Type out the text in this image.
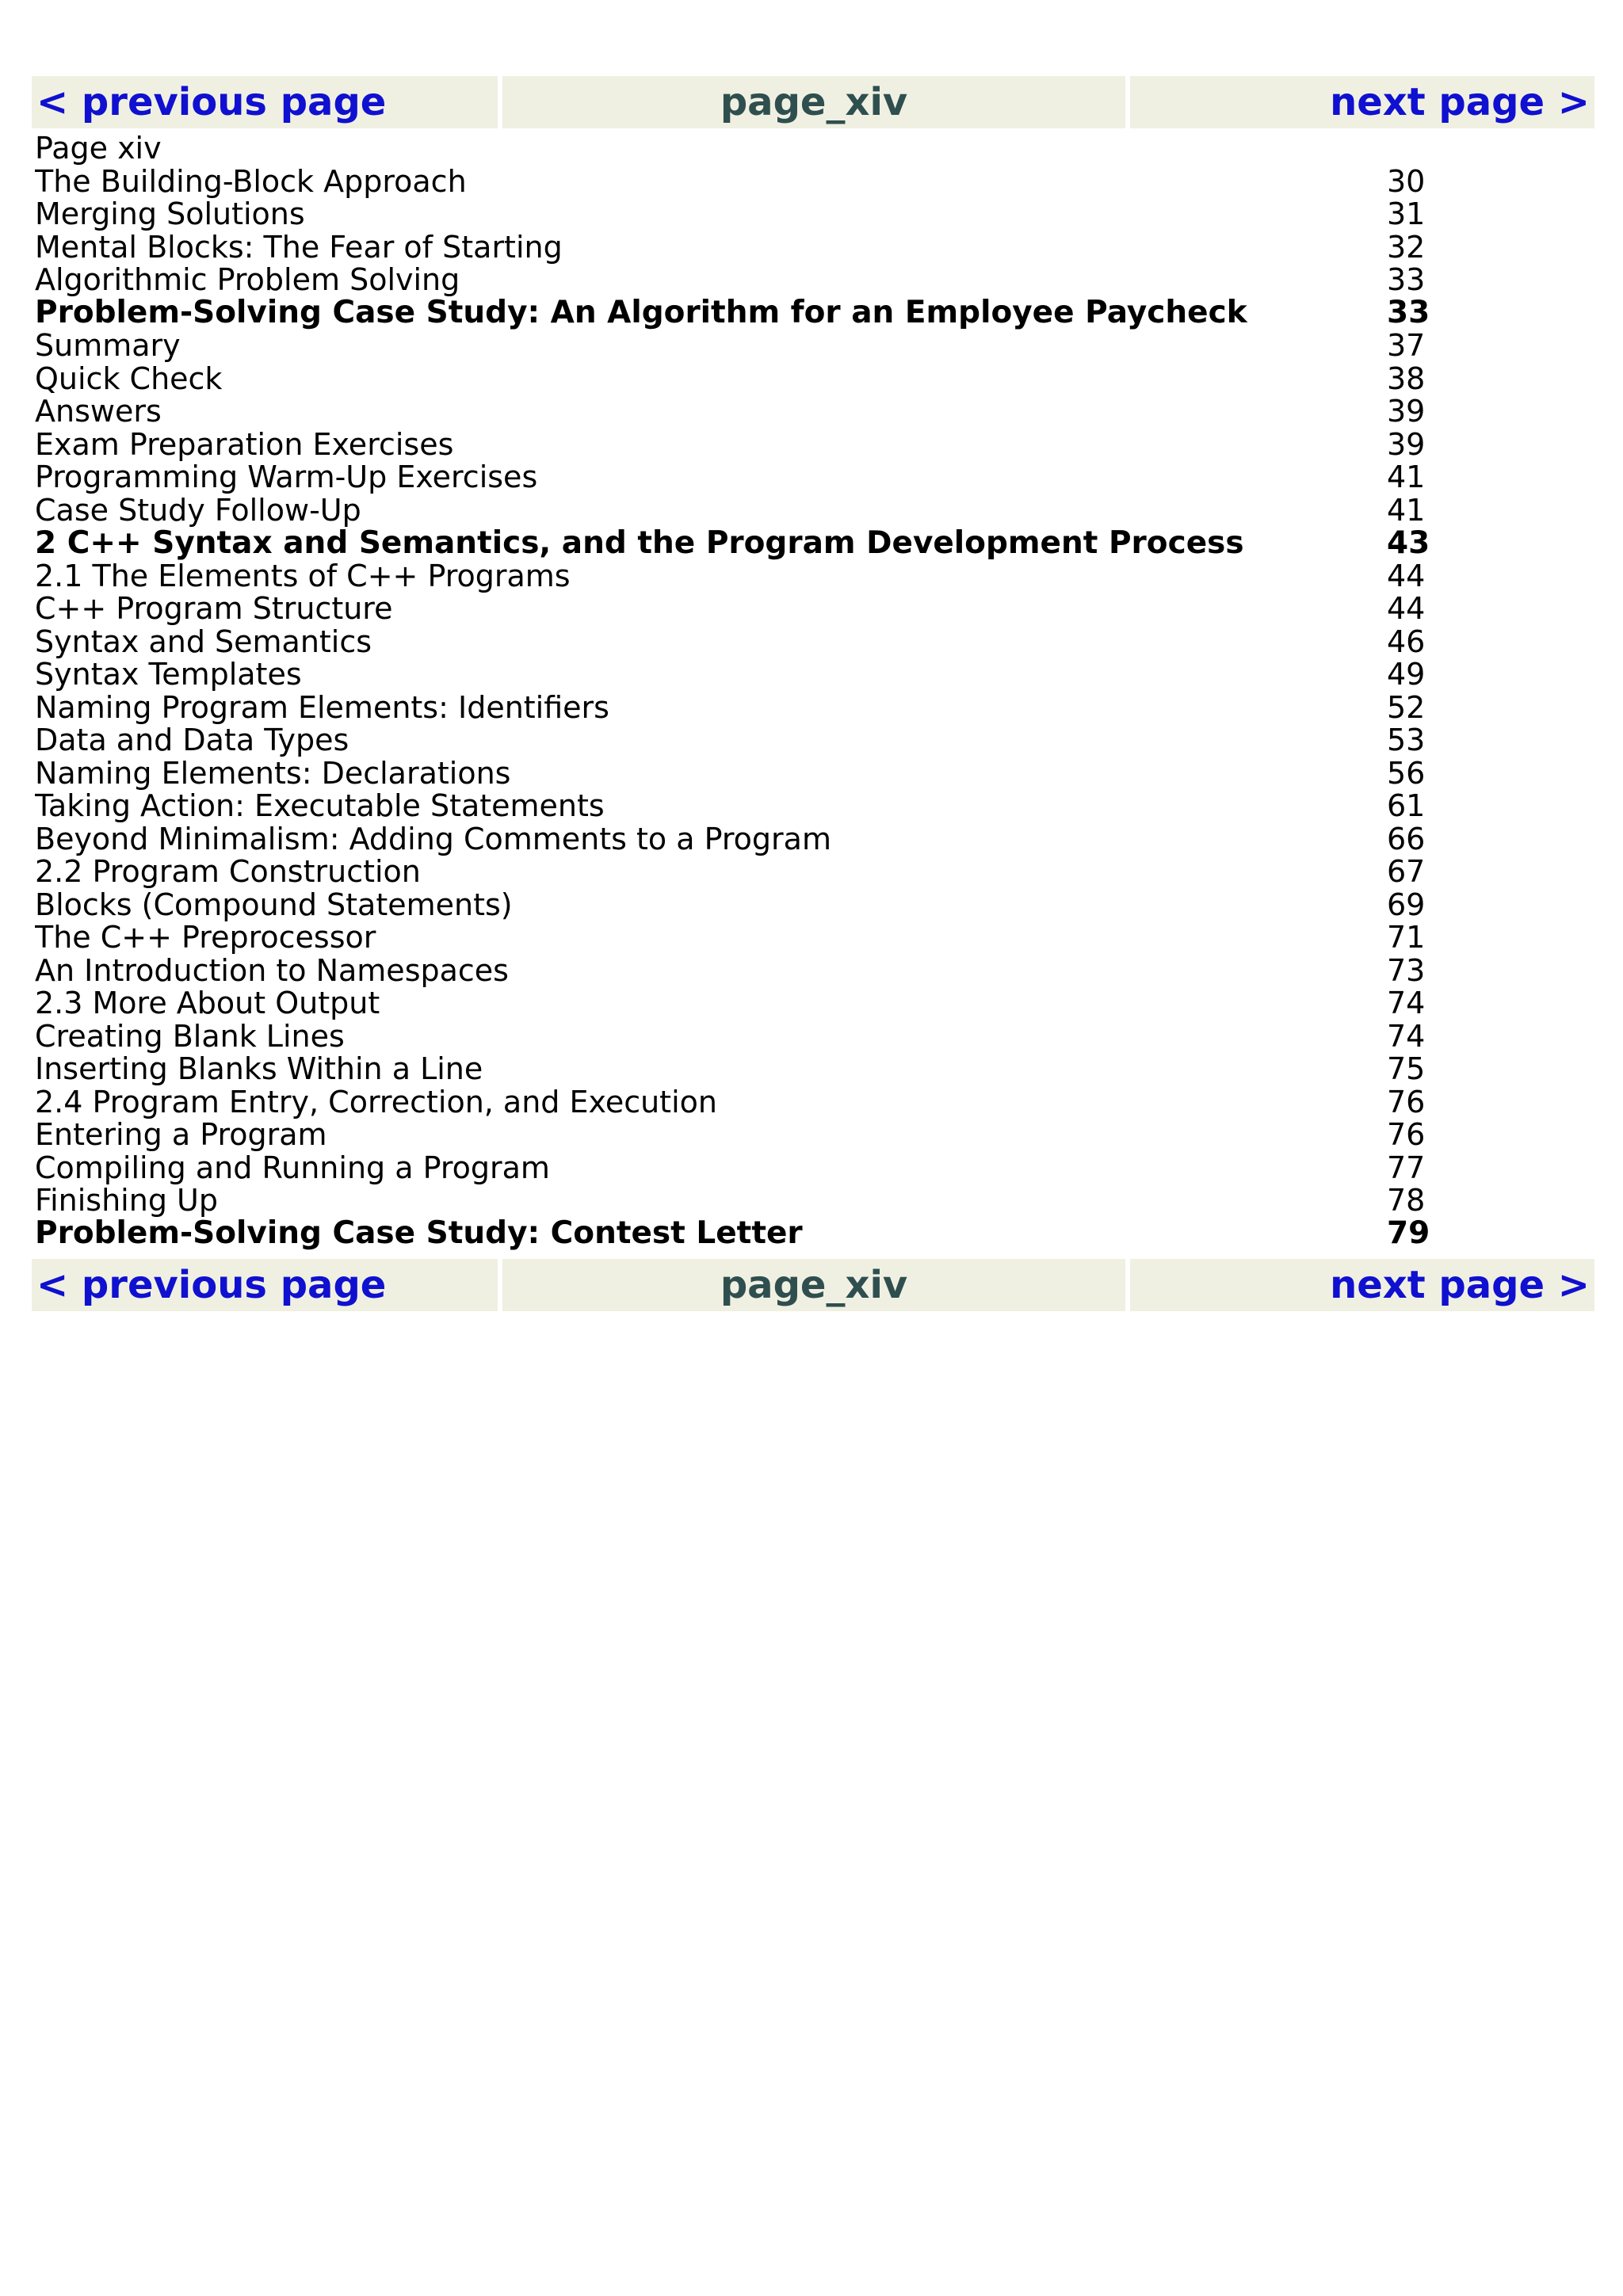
< previous page	page_xiv	next page >
Page xiv
The Building-Block Approach	30
Merging Solutions	31
Mental Blocks: The Fear of Starting	32
Algorithmic Problem Solving	33
Problem-Solving Case Study: An Algorithm for an Employee Paycheck	33
Summary	37
Quick Check	38
Answers	39
Exam Preparation Exercises	39
Programming Warm-Up Exercises	41
Case Study Follow-Up	41
2 C++ Syntax and Semantics, and the Program Development Process	43
2.1 The Elements of C++ Programs	44
C++ Program Structure	44
Syntax and Semantics	46
Syntax Templates	49
Naming Program Elements: Identifiers	52
Data and Data Types	53
Naming Elements: Declarations	56
Taking Action: Executable Statements	61
Beyond Minimalism: Adding Comments to a Program	66
2.2 Program Construction	67
Blocks (Compound Statements)	69
The C++ Preprocessor	71
An Introduction to Namespaces	73
2.3 More About Output	74
Creating Blank Lines	74
Inserting Blanks Within a Line	75
2.4 Program Entry, Correction, and Execution	76
Entering a Program	76
Compiling and Running a Program	77
Finishing Up	78
Problem-Solving Case Study: Contest Letter	79
< previous page	page_xiv	next page >
